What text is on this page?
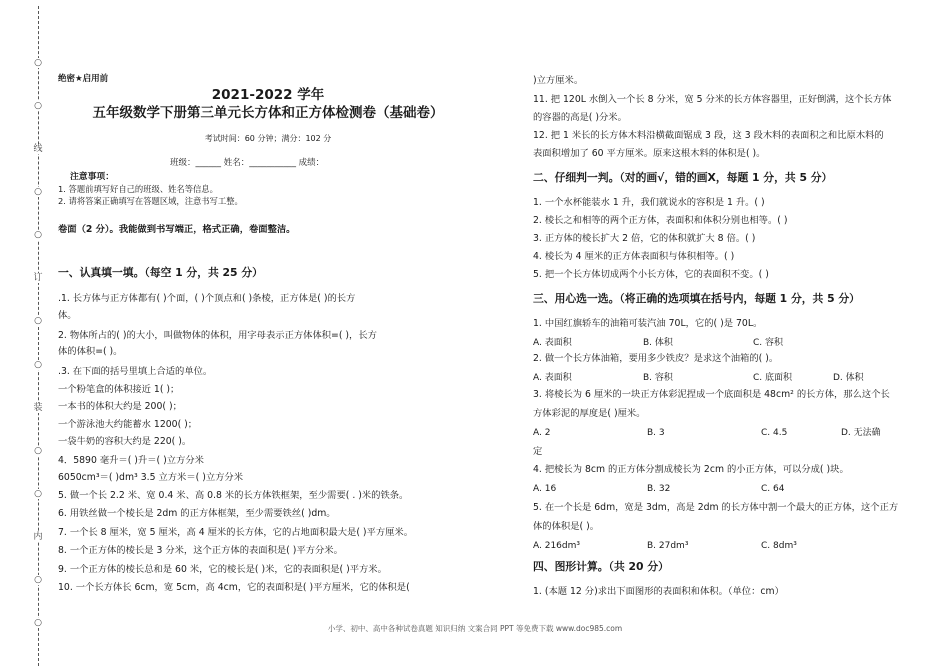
○
○
线
○
○
订
○
○
装
○
○
内
○
○
绝密★启用前
2021-2022 学年
五年级数学下册第三单元长方体和正方体检测卷（基础卷）
考试时间：60 分钟；满分：102 分
班级：______ 姓名：___________ 成绩：
注意事项：
1. 答题前填写好自己的班级、姓名等信息。
2. 请将答案正确填写在答题区域，注意书写工整。
卷面（2 分）。我能做到书写端正，格式正确，卷面整洁。
一、认真填一填。（每空 1 分，共 25 分）
.1. 长方体与正方体都有( )个面，( )个顶点和( )条棱，正方体是( )的长方
体。
2. 物体所占的( )的大小，叫做物体的体积，用字母表示正方体体积=( )，长方
体的体积=( )。
.3. 在下面的括号里填上合适的单位。
一个粉笔盒的体积接近 1( )；
一本书的体积大约是 200( )；
一个游泳池大约能蓄水 1200( )；
一袋牛奶的容积大约是 220( )。
4．5890 毫升＝( )升＝( )立方分米
6050cm³＝( )dm³ 3.5 立方米＝( )立方分米
5. 做一个长 2.2 米、宽 0.4 米、高 0.8 米的长方体铁框架，至少需要( . )米的铁条。
6. 用铁丝做一个棱长是 2dm 的正方体框架，至少需要铁丝( )dm。
7. 一个长 8 厘米，宽 5 厘米，高 4 厘米的长方体，它的占地面积最大是( )平方厘米。
8. 一个正方体的棱长是 3 分米，这个正方体的表面积是( )平方分米。
9. 一个正方体的棱长总和是 60 米，它的棱长是( )米，它的表面积是( )平方米。
10. 一个长方体长 6cm，宽 5cm，高 4cm，它的表面积是( )平方厘米，它的体积是(
)立方厘米。
11. 把 120L 水倒入一个长 8 分米，宽 5 分米的长方体容器里，正好倒满，这个长方体
的容器的高是( )分米。
12. 把 1 米长的长方体木料沿横截面锯成 3 段，这 3 段木料的表面积之和比原木料的
表面积增加了 60 平方厘米。原来这根木料的体积是( )。
二、仔细判一判。（对的画√，错的画Ⅹ，每题 1 分，共 5 分）
1. 一个水杯能装水 1 升，我们就说水的容积是 1 升。( )
2. 棱长之和相等的两个正方体，表面积和体积分别也相等。( )
3. 正方体的棱长扩大 2 倍，它的体积就扩大 8 倍。( )
4. 棱长为 4 厘米的正方体表面积与体积相等。( )
5. 把一个长方体切成两个小长方体，它的表面积不变。( )
三、用心选一选。（将正确的选项填在括号内，每题 1 分，共 5 分）
1. 中国红旗轿车的油箱可装汽油 70L，它的( )是 70L。
A. 表面积	B. 体积	C. 容积
2. 做一个长方体油箱，要用多少铁皮？是求这个油箱的( )。
A. 表面积	B. 容积	C. 底面积	D. 体积
3. 将棱长为 6 厘米的一块正方体彩泥捏成一个底面积是 48cm² 的长方体，那么这个长
方体彩泥的厚度是( )厘米。
A. 2	B. 3	C. 4.5	D. 无法确
定
4. 把棱长为 8cm 的正方体分割成棱长为 2cm 的小正方体，可以分成( )块。
A. 16	B. 32	C. 64
5. 在一个长是 6dm，宽是 3dm，高是 2dm 的长方体中割一个最大的正方体，这个正方
体的体积是( )。
A. 216dm³	B. 27dm³	C. 8dm³
四、图形计算。（共 20 分）
1. (本题 12 分)求出下面图形的表面积和体积。（单位：cm）
小学、初中、高中各种试卷真题 知识归纳 文案合同 PPT 等免费下载 www.doc985.com
